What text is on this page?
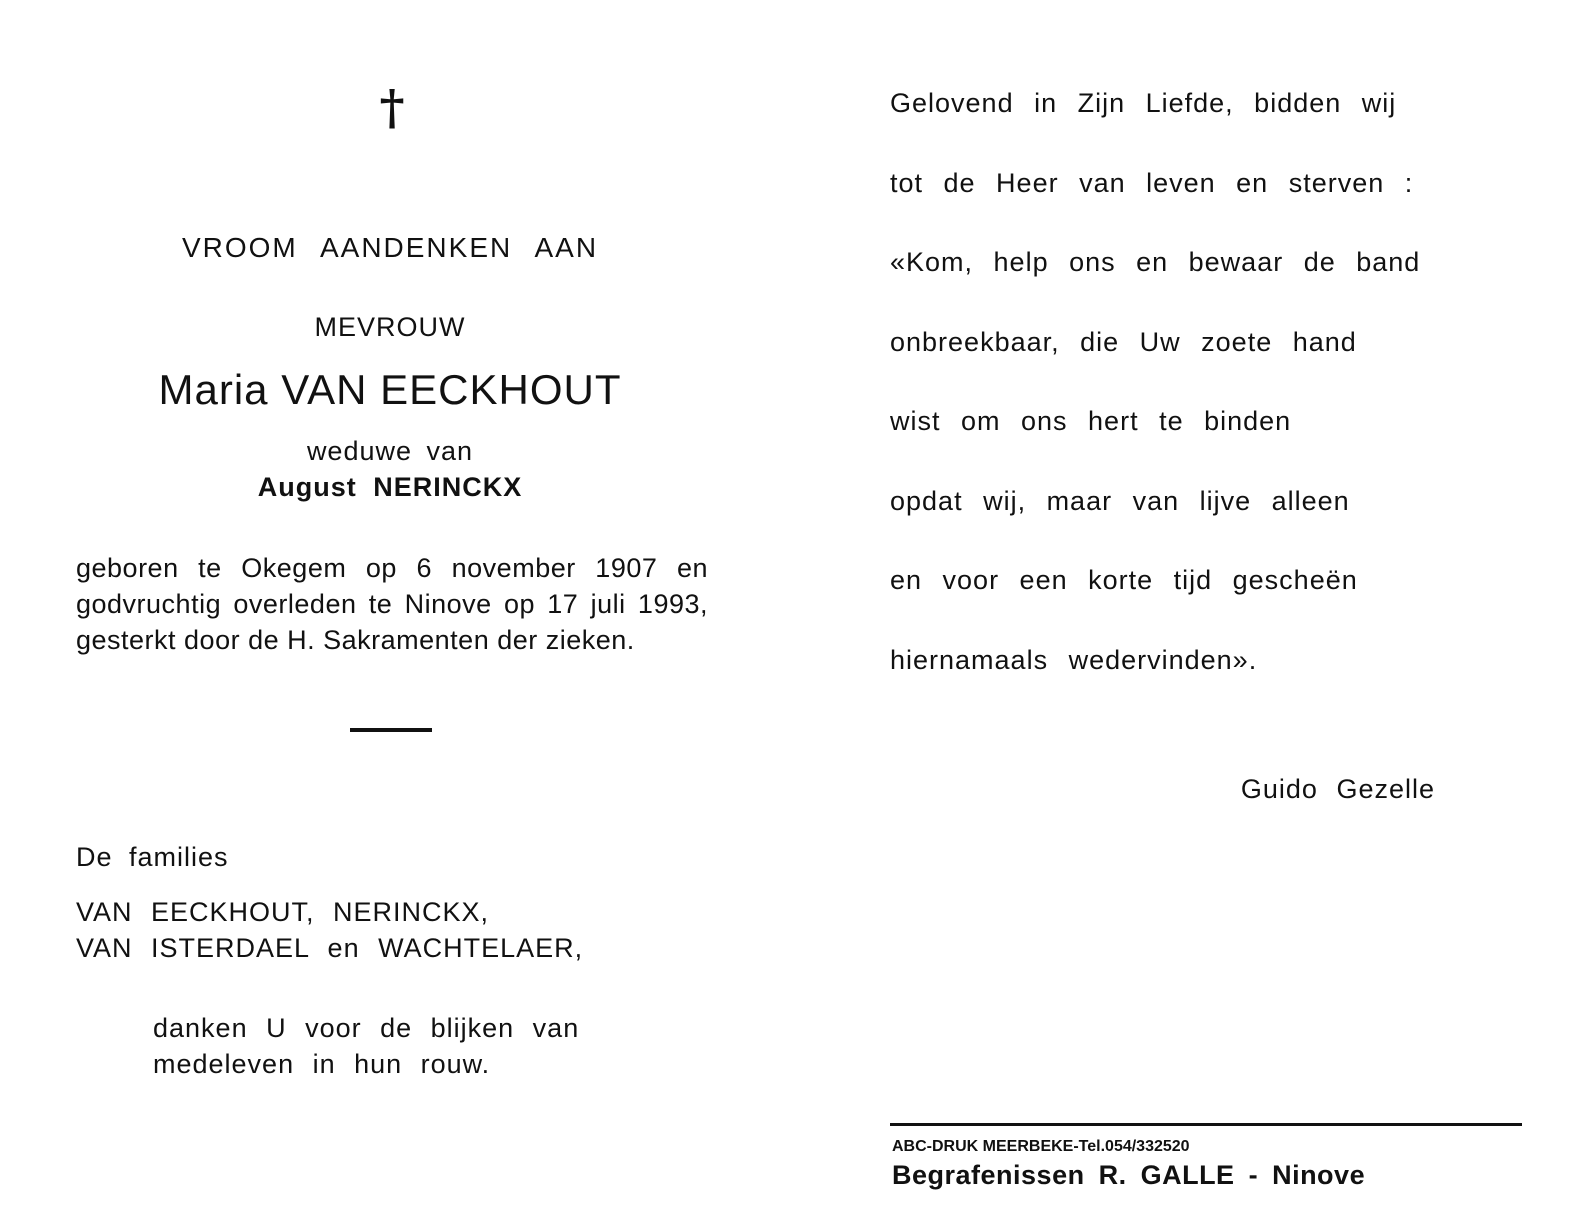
†
VROOM AANDENKEN AAN
MEVROUW
Maria VAN EECKHOUT
weduwe van
August NERINCKX
geboren te Okegem op 6 november 1907 en godvruchtig overleden te Ninove op 17 juli 1993, gesterkt door de H. Sakramenten der zieken.
De families
VAN EECKHOUT, NERINCKX,
VAN ISTERDAEL en WACHTELAER,
danken U voor de blijken van
medeleven in hun rouw.
Gelovend in Zijn Liefde, bidden wij
tot de Heer van leven en sterven :
«Kom, help ons en bewaar de band
onbreekbaar, die Uw zoete hand
wist om ons hert te binden
opdat wij, maar van lijve alleen
en voor een korte tijd gescheën
hiernamaals wedervinden».
Guido Gezelle
ABC-DRUK MEERBEKE-Tel.054/332520
Begrafenissen R. GALLE - Ninove
